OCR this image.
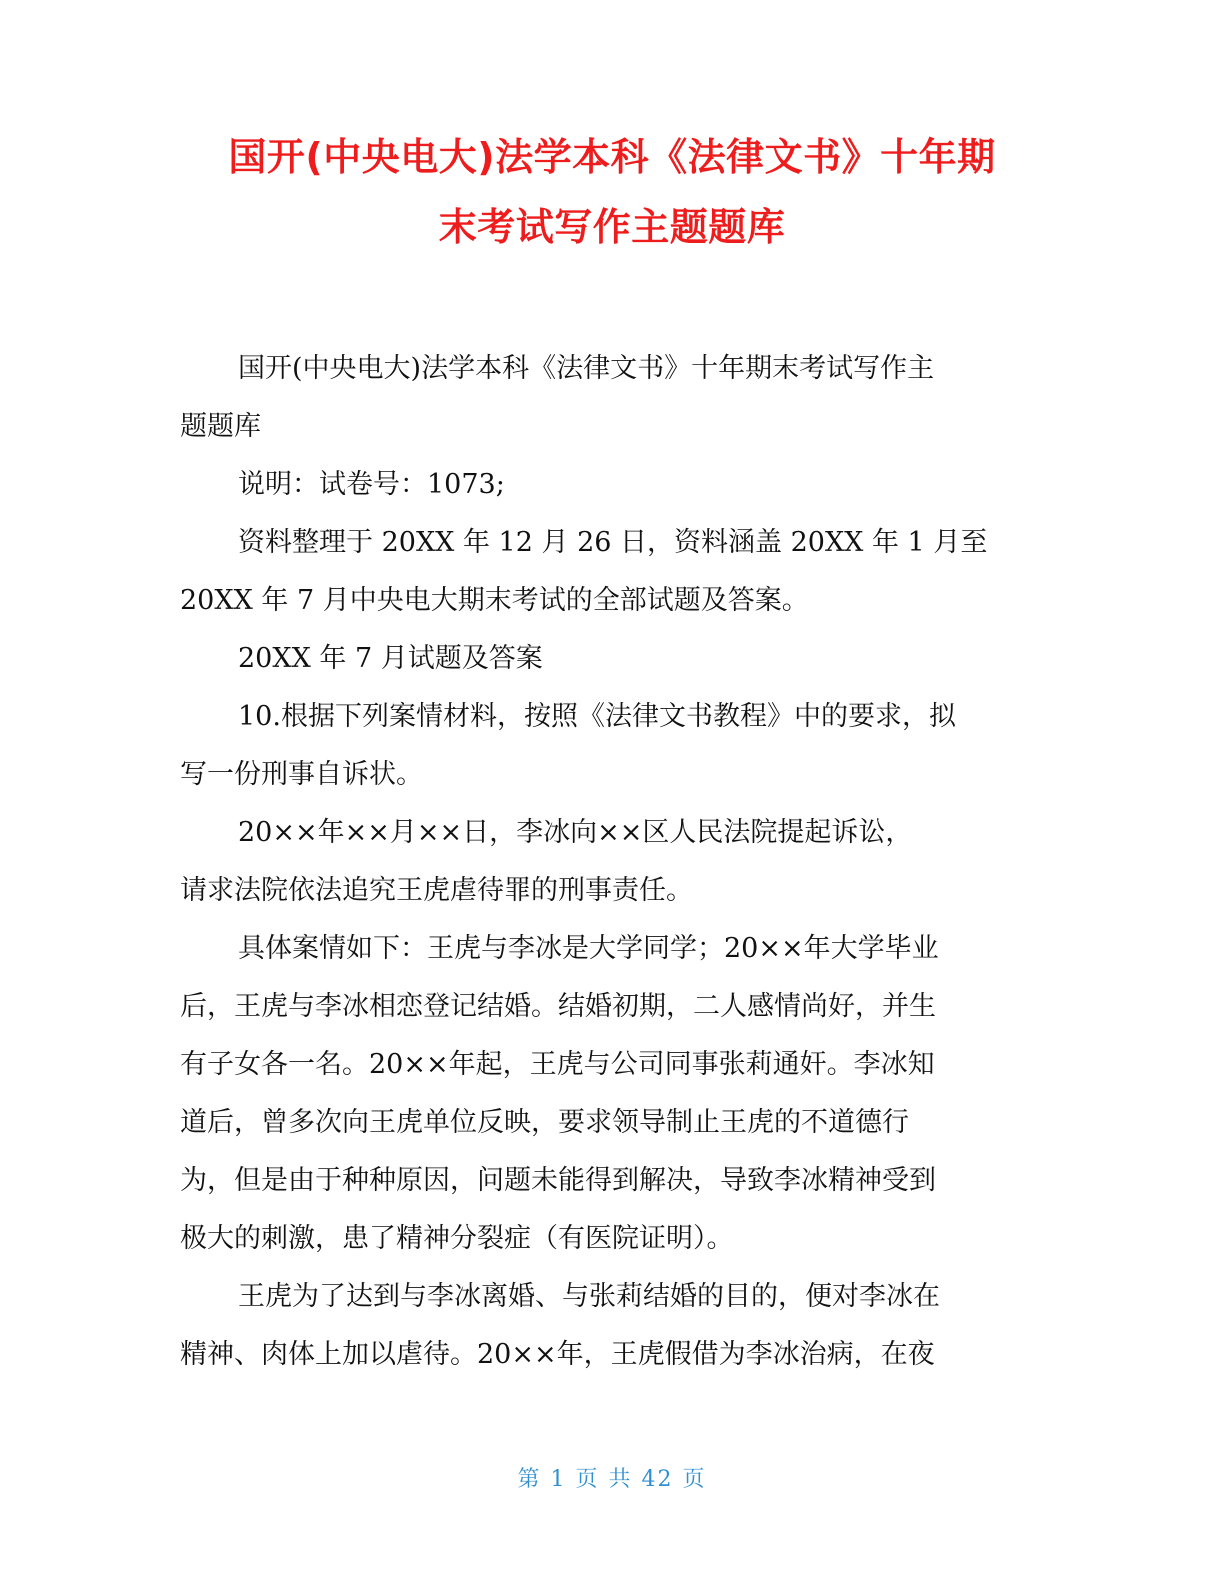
国开(中央电大)法学本科《法律文书》十年期
末考试写作主题题库

国开(中央电大)法学本科《法律文书》十年期末考试写作主

题题库

说明：试卷号：1073;

资料整理于 20XX 年 12 月 26 日，资料涵盖 20XX 年 1 月至

20XX 年 7 月中央电大期末考试的全部试题及答案。

20XX 年 7 月试题及答案

10.根据下列案情材料，按照《法律文书教程》中的要求，拟

写一份刑事自诉状。

20××年××月××日，李冰向××区人民法院提起诉讼，

请求法院依法追究王虎虐待罪的刑事责任。

具体案情如下：王虎与李冰是大学同学；20××年大学毕业

后，王虎与李冰相恋登记结婚。结婚初期，二人感情尚好，并生

有子女各一名。20××年起，王虎与公司同事张莉通奸。李冰知

道后，曾多次向王虎单位反映，要求领导制止王虎的不道德行

为，但是由于种种原因，问题未能得到解决，导致李冰精神受到

极大的刺激，患了精神分裂症（有医院证明）。

王虎为了达到与李冰离婚、与张莉结婚的目的，便对李冰在

精神、肉体上加以虐待。20××年，王虎假借为李冰治病，在夜

第 1 页 共 42 页
